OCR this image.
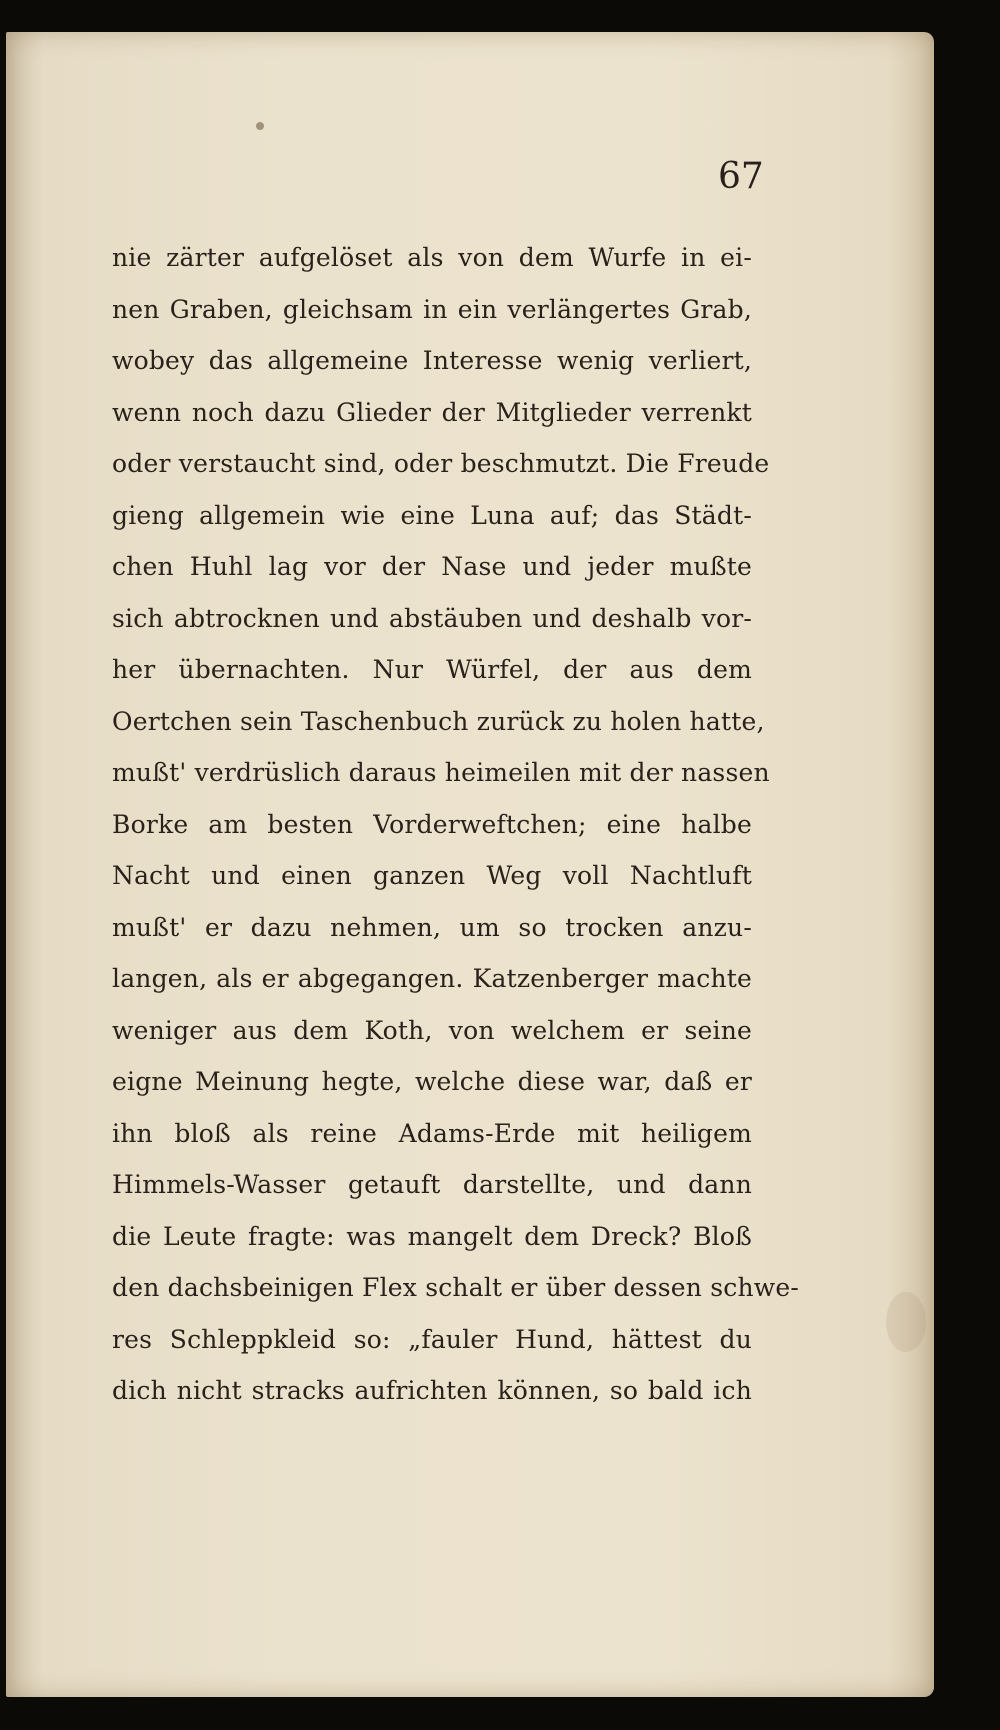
67

nie zärter aufgelöset als von dem Wurfe in ei-
nen Graben, gleichsam in ein verlängertes Grab,
wobey das allgemeine Interesse wenig verliert,
wenn noch dazu Glieder der Mitglieder verrenkt
oder verstaucht sind, oder beschmutzt. Die Freude
gieng allgemein wie eine Luna auf; das Städt-
chen Huhl lag vor der Nase und jeder mußte
sich abtrocknen und abstäuben und deshalb vor-
her übernachten. Nur Würfel, der aus dem
Oertchen sein Taschenbuch zurück zu holen hatte,
mußt' verdrüslich daraus heimeilen mit der nassen
Borke am besten Vorderweftchen; eine halbe
Nacht und einen ganzen Weg voll Nachtluft
mußt' er dazu nehmen, um so trocken anzu-
langen, als er abgegangen. Katzenberger machte
weniger aus dem Koth, von welchem er seine
eigne Meinung hegte, welche diese war, daß er
ihn bloß als reine Adams-Erde mit heiligem
Himmels-Wasser getauft darstellte, und dann
die Leute fragte: was mangelt dem Dreck? Bloß
den dachsbeinigen Flex schalt er über dessen schwe-
res Schleppkleid so: „fauler Hund, hättest du
dich nicht stracks aufrichten können, so bald ich
